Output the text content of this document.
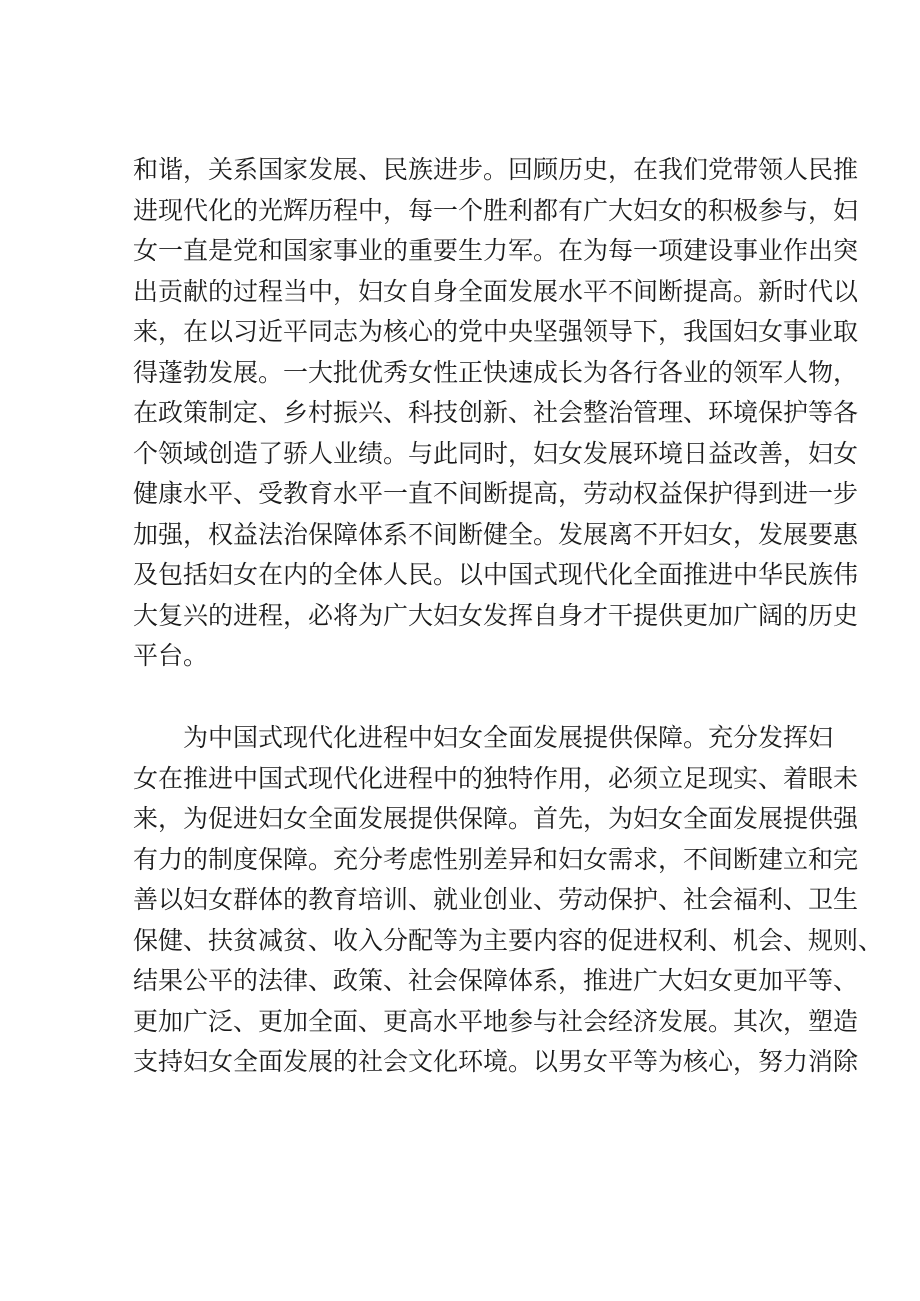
和谐，关系国家发展、民族进步。回顾历史，在我们党带领人民推
进现代化的光辉历程中，每一个胜利都有广大妇女的积极参与，妇
女一直是党和国家事业的重要生力军。在为每一项建设事业作出突
出贡献的过程当中，妇女自身全面发展水平不间断提高。新时代以
来，在以习近平同志为核心的党中央坚强领导下，我国妇女事业取
得蓬勃发展。一大批优秀女性正快速成长为各行各业的领军人物，
在政策制定、乡村振兴、科技创新、社会整治管理、环境保护等各
个领域创造了骄人业绩。与此同时，妇女发展环境日益改善，妇女
健康水平、受教育水平一直不间断提高，劳动权益保护得到进一步
加强，权益法治保障体系不间断健全。发展离不开妇女，发展要惠
及包括妇女在内的全体人民。以中国式现代化全面推进中华民族伟
大复兴的进程，必将为广大妇女发挥自身才干提供更加广阔的历史
平台。
为中国式现代化进程中妇女全面发展提供保障。充分发挥妇
女在推进中国式现代化进程中的独特作用，必须立足现实、着眼未
来，为促进妇女全面发展提供保障。首先，为妇女全面发展提供强
有力的制度保障。充分考虑性别差异和妇女需求，不间断建立和完
善以妇女群体的教育培训、就业创业、劳动保护、社会福利、卫生
保健、扶贫减贫、收入分配等为主要内容的促进权利、机会、规则、
结果公平的法律、政策、社会保障体系，推进广大妇女更加平等、
更加广泛、更加全面、更高水平地参与社会经济发展。其次，塑造
支持妇女全面发展的社会文化环境。以男女平等为核心，努力消除
